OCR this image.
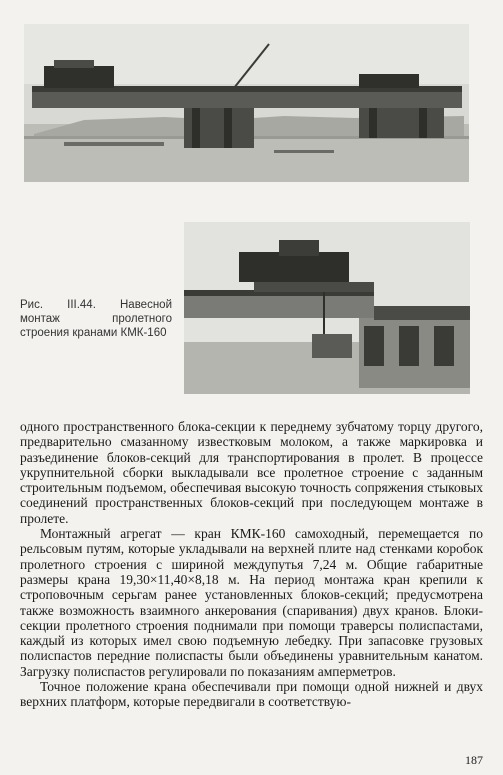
Рис. III.44. Навесной монтаж пролетного строения кранами КМК-160

одного пространственного блока-секции к переднему зубчатому торцу другого, предварительно смазанному известковым молоком, а также маркировка и разъединение блоков-секций для транспортирования в пролет. В процессе укрупнительной сборки выкладывали все пролетное строение с заданным строительным подъемом, обеспечивая высокую точность сопряжения стыковых соединений пространственных блоков-секций при последующем монтаже в пролете.

Монтажный агрегат — кран КМК-160 самоходный, перемещается по рельсовым путям, которые укладывали на верхней плите над стенками коробок пролетного строения с шириной междупутья 7,24 м. Общие габаритные размеры крана 19,30×11,40×8,18 м. На период монтажа кран крепили к строповочным серьгам ранее установленных блоков-секций; предусмотрена также возможность взаимного анкерования (спаривания) двух кранов. Блоки-секции пролетного строения поднимали при помощи траверсы полиспастами, каждый из которых имел свою подъемную лебедку. При запасовке грузовых полиспастов передние полиспасты были объединены уравнительным канатом. Загрузку полиспастов регулировали по показаниям амперметров.

Точное положение крана обеспечивали при помощи одной нижней и двух верхних платформ, которые передвигали в соответствую-

187
